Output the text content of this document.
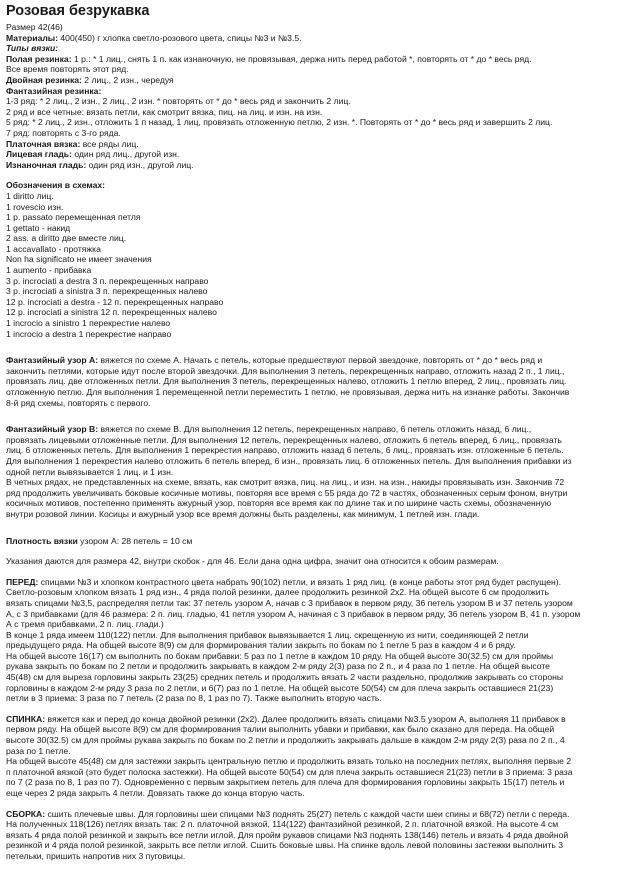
Розовая безрукавка

Размер 42(46)

Материалы: 400(450) г хлопка светло-розового цвета, спицы №3 и №3.5.

Типы вязки:

Полая резинка: 1 р.: * 1 лиц., снять 1 п. как изнаночную, не провязывая, держа нить перед работой *, повторять от * до * весь ряд.

Все время повторять этот ряд.

Двойная резинка: 2 лиц., 2 изн., чередуя

Фантазийная резинка:

1-3 ряд: * 2 лиц., 2 изн., 2 лиц., 2 изн. * повторять от * до * весь ряд и закончить 2 лиц.

2 ряд и все четные: вязать петли, как смотрит вязка, пиц. на лиц. и изн. на изн.

5 ряд: * 2 лиц., 2 изн., отложить 1 п назад, 1 лиц, провязать отложенную петлю, 2 изн. *. Повторять от * до * весь ряд и завершить 2 лиц.

7 ряд: повторять с 3-го ряда.

Платочная вязка: все ряды лиц.

Лицевая гладь: один ряд лиц., другой изн.

Изнаночная гладь: один ряд изн., другой лиц.

Обозначения в схемах:

1 diritto лиц.

1 rovescio изн.

1 p. passato перемещенная петля

1 gettato - накид

2 ass. a diritto две вместе лиц.

1 accavallato - протяжка

Non ha significato не имеет значения

1 aumento - прибавка

3 p. incrociati a destra 3 п. перекрещенных направо

3 p. incrociati a sinistra 3 п. перекрещенных налево

12 p. incrociati a destra - 12 п. перекрещенных направо

12 p. incrociati a sinistra 12 п. перекрещенных налево

1 incrocio a sinistro 1 перекрестие налево

1 incrocio a destra 1 перекрестие направо

Фантазийный узор А: вяжется по схеме А. Начать с петель, которые предшествуют первой звездочке, повторять от * до * весь ряд и

закончить петлями, которые идут после второй звездочки. Для выполнения 3 петель, перекрещенных направо, отложить назад 2 п., 1 лиц.,

провязать лиц. две отложенных петли. Для выполнения 3 петель, перекрещенных налево, отложить 1 петлю вперед, 2 лиц., провязать лиц.

отложенную петлю. Для выполнения 1 перемещенной петли переместить 1 петлю, не провязывая, держа нить на изнанке работы. Закончив

8-й ряд схемы, повторять с первого.

Фантазийный узор В: вяжется по схеме В. Для выполнения 12 петель, перекрещенных направо, 6 петель отложить назад, 6 лиц.,

провязать лицевыми отложенные петли. Для выполнения 12 петель, перекрещенных налево, отложить 6 петель вперед, 6 лиц., провязать

лиц. 6 отложенных петель. Для выполнения 1 перекрестия направо, отложить назад 6 петель, 6 лиц., провязать изн. отложенные 6 петель.

Для выполнения 1 перекрестия налево отложить 6 петель вперед, 6 изн., провязать лиц. 6 отложенных петель. Для выполнения прибавки из

одной петли вывязывается 1 лиц. и 1 изн.

В четных рядах, не представленных на схеме, вязать, как смотрит вязка, пиц. на лиц., и изн. на изн., накиды провязывать изн. Закончив 72

ряд продолжить увеличивать боковые косичные мотивы, повторяя все время с 55 ряда до 72 в частях, обозначенных серым фоном, внутри

косичных мотивов, постепенно применять ажурный узор, повторяя все время как по длине так и по ширине часть схемы, обозначенную

внутри розовой линии. Косицы и ажурный узор все время должны быть разделены, как минимум, 1 петлей изн. глади.

Плотность вязки узором А: 28 петель = 10 см

Указания даются для размера 42, внутри скобок - для 46. Если дана одна цифра, значит она относится к обоим размерам.

ПЕРЕД: спицами №3 и хлопком контрастного цвета набрать 90(102) петли, и вязать 1 ряд лиц. (в конце работы этот ряд будет распущен).

Светло-розовым хлопком вязать 1 ряд изн., 4 ряда полой резинки, далее продолжить резинкой 2х2. На общей высоте 6 см продолжить

вязать спицами №3,5, распределяя петли так: 37 петель узором А, начав с 3 прибавок в первом ряду, 36 петель узором В и 37 петель узором

А, с 3 прибавками (для 46 размера: 2 п. лиц. гладью, 41 петля узором А, начиная с 3 прибавок в первом ряду, 36 петель узором В, 41 п. узором

А с тремя прибавками, 2 п. лиц. глади.)

В конце 1 ряда имеем 110(122) петли. Для выполнения прибавок вывязывается 1 лиц. скрещенную из нити, соединяющей 2 петли

предыдущего ряда. На общей высоте 8(9) см для формирования талии закрыть по бокам по 1 петле 5 раз в каждом 4 и 6 ряду.

На общей высоте 16(17) см выполнить по бокам прибавки: 5 раз по 1 петле в каждом 10 ряду. На общей высоте 30(32.5) см для проймы

рукава закрыть по бокам по 2 петли и продолжить закрывать в каждом 2-м ряду 2(3) раза по 2 п., и 4 раза по 1 петле. На общей высоте

45(48) см для выреза горловины закрыть 23(25) средних петель и продолжить вязать 2 части раздельно, продолжив закрывать со стороны

горловины в каждом 2-м ряду 3 раза по 2 петли, и 6(7) раз по 1 петле. На общей высоте 50(54) см для плеча закрыть оставшиеся 21(23)

петли в 3 приема: 3 раза по 7 петель (2 раза по 8, 1 раз по 7). Также выполнить вторую часть.

СПИНКА: вяжется как и перед до конца двойной резинки (2х2). Далее продолжить вязать спицами №3.5 узором А, выполняя 11 прибавок в

первом ряду. На общей высоте 8(9) см для формирования талии выполнить убавки и прибавки, как было сказано для переда. На общей

высоте 30(32.5) см для проймы рукава закрыть по бокам по 2 петли и продолжить закрывать дальше в каждом 2-м ряду 2(3) раза по 2 п., 4

раза по 1 петле.

На общей высоте 45(48) см для застежки закрыть центральную петлю и продолжить вязать только на последних петлях, выполняя первые 2

п платочной вязкой (это будет полоска застежки). На общей высоте 50(54) см для плеча закрыть оставшиеся 21(23) петли в 3 приема: 3 раза

по 7 (2 раза по 8, 1 раз по 7). Одновременно с первым закрытием петель для плеча для формирования горловины закрыть 15(17) петель и

еще через 2 ряда закрыть 4 петли. Довязать также до конца вторую часть.

СБОРКА: сшить плечевые швы. Для горловины шеи спицами №3 поднять 25(27) петель с каждой части шеи спины и 68(72) петли с переда.

На полученных 118(126) петлях вязать так: 2 п. платочной вязкой, 114(122) фантазийной резинкой, 2 п. платочной вязкой. На высоте 4 см

вязать 4 ряда полой резинкой и закрыть все петли иглой. Для пройм рукавов спицами №3 поднять 138(146) петель и вязать 4 ряда двойной

резинкой и 4 ряда полой резинкой, закрыть все петли иглой. Сшить боковые швы. На спинке вдоль левой половины застежки выполнить 3

петельки, пришить напротив них 3 пуговицы.
